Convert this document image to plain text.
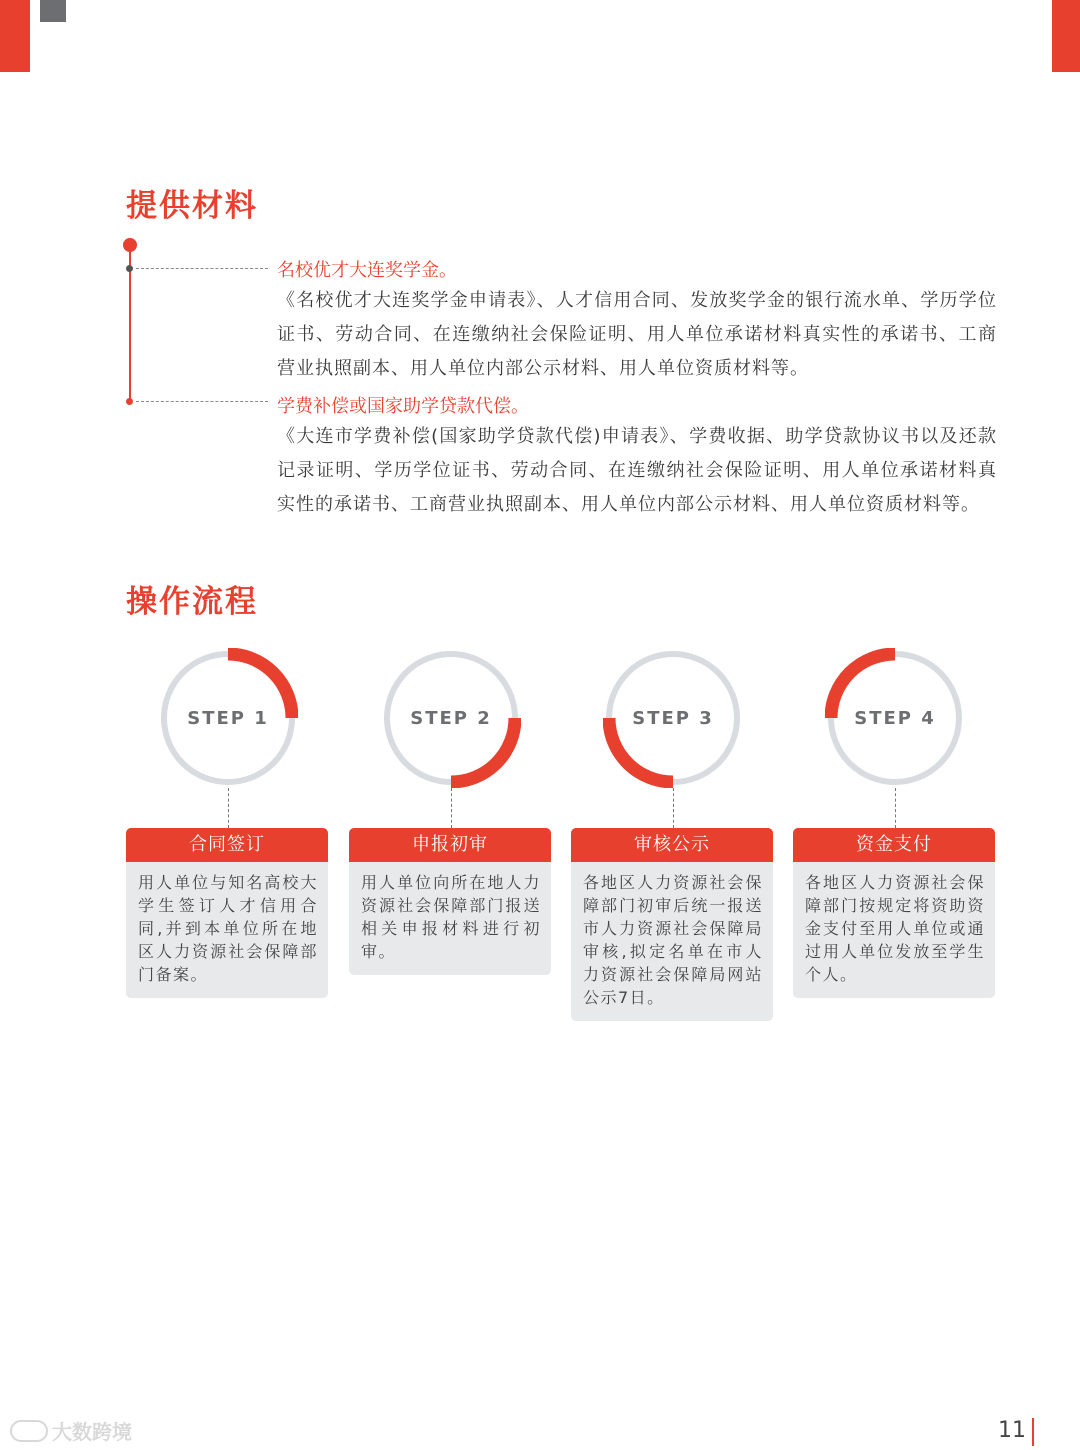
提供材料
名校优才大连奖学金。

《名校优才大连奖学金申请表》、人才信用合同、发放奖学金的银行流水单、学历学位证书、劳动合同、在连缴纳社会保险证明、用人单位承诺材料真实性的承诺书、工商营业执照副本、用人单位内部公示材料、用人单位资质材料等。

学费补偿或国家助学贷款代偿。

《大连市学费补偿(国家助学贷款代偿)申请表》、学费收据、助学贷款协议书以及还款记录证明、学历学位证书、劳动合同、在连缴纳社会保险证明、用人单位承诺材料真实性的承诺书、工商营业执照副本、用人单位内部公示材料、用人单位资质材料等。

操作流程
STEP 1
合同签订
用人单位与知名高校大学生签订人才信用合同,并到本单位所在地区人力资源社会保障部门备案。
STEP 2
申报初审
用人单位向所在地人力资源社会保障部门报送相关申报材料进行初审。
STEP 3
审核公示
各地区人力资源社会保障部门初审后统一报送市人力资源社会保障局审核,拟定名单在市人力资源社会保障局网站公示7日。
STEP 4
资金支付
各地区人力资源社会保障部门按规定将资助资金支付至用人单位或通过用人单位发放至学生个人。
大数跨境	11
